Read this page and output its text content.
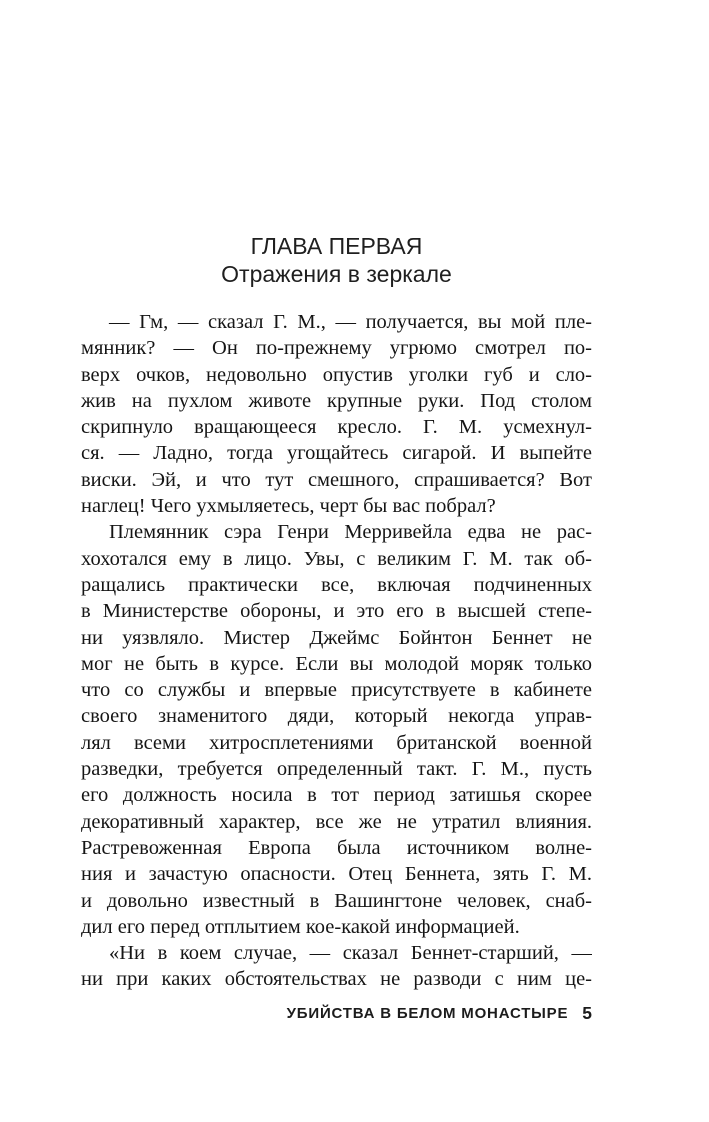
ГЛАВА ПЕРВАЯ
Отражения в зеркале
— Гм, — сказал Г. М., — получается, вы мой пле-
мянник? — Он по-прежнему угрюмо смотрел по-
верх очков, недовольно опустив уголки губ и сло-
жив на пухлом животе крупные руки. Под столом
скрипнуло вращающееся кресло. Г. М. усмехнул-
ся. — Ладно, тогда угощайтесь сигарой. И выпейте
виски. Эй, и что тут смешного, спрашивается? Вот
наглец! Чего ухмыляетесь, черт бы вас побрал?
Племянник сэра Генри Мерривейла едва не рас-
хохотался ему в лицо. Увы, с великим Г. М. так об-
ращались практически все, включая подчиненных
в Министерстве обороны, и это его в высшей степе-
ни уязвляло. Мистер Джеймс Бойнтон Беннет не
мог не быть в курсе. Если вы молодой моряк только
что со службы и впервые присутствуете в кабинете
своего знаменитого дяди, который некогда управ-
лял всеми хитросплетениями британской военной
разведки, требуется определенный такт. Г. М., пусть
его должность носила в тот период затишья скорее
декоративный характер, все же не утратил влияния.
Растревоженная Европа была источником волне-
ния и зачастую опасности. Отец Беннета, зять Г. М.
и довольно известный в Вашингтоне человек, снаб-
дил его перед отплытием кое-какой информацией.
«Ни в коем случае, — сказал Беннет-старший, —
ни при каких обстоятельствах не разводи с ним це-
УБИЙСТВА В БЕЛОМ МОНАСТЫРЕ 5
